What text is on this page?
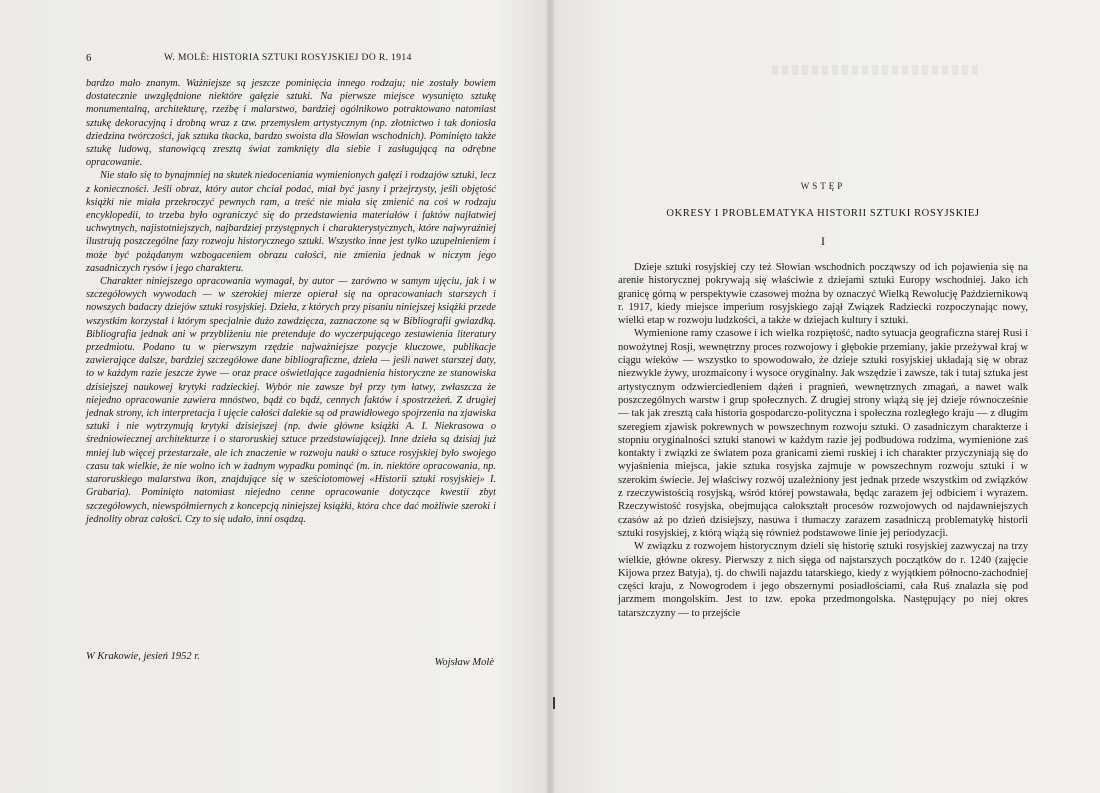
6	W. MOLÈ: HISTORIA SZTUKI ROSYJSKIEJ DO R. 1914

bardzo mało znanym. Ważniejsze są jeszcze pominięcia innego rodzaju; nie zostały bowiem dostatecznie uwzględnione niektóre gałęzie sztuki. Na pierwsze miejsce wysunięto sztukę monumentalną, architekturę, rzeźbę i malarstwo, bardziej ogólnikowo potraktowano natomiast sztukę dekoracyjną i drobną wraz z tzw. przemysłem artystycznym (np. złotnictwo i tak doniosła dziedzina twórczości, jak sztuka tkacka, bardzo swoista dla Słowian wschodnich). Pominięto także sztukę ludową, stanowiącą zresztą świat zamknięty dla siebie i zasługującą na odrębne opracowanie.

Nie stało się to bynajmniej na skutek niedoceniania wymienionych gałęzi i rodzajów sztuki, lecz z konieczności. Jeśli obraz, który autor chciał podać, miał być jasny i przejrzysty, jeśli objętość książki nie miała przekroczyć pewnych ram, a treść nie miała się zmienić na coś w rodzaju encyklopedii, to trzeba było ograniczyć się do przedstawienia materiałów i faktów najłatwiej uchwytnych, najistotniejszych, najbardziej przystępnych i charakterystycznych, które najwyraźniej ilustrują poszczególne fazy rozwoju historycznego sztuki. Wszystko inne jest tylko uzupełnieniem i może być pożądanym wzbogaceniem obrazu całości, nie zmienia jednak w niczym jego zasadniczych rysów i jego charakteru.

Charakter niniejszego opracowania wymagał, by autor — zarówno w samym ujęciu, jak i w szczegółowych wywodach — w szerokiej mierze opierał się na opracowaniach starszych i nowszych badaczy dziejów sztuki rosyjskiej. Dzieła, z których przy pisaniu niniejszej książki przede wszystkim korzystał i którym specjalnie dużo zawdzięcza, zaznaczone są w Bibliografii gwiazdką. Bibliografia jednak ani w przybliżeniu nie pretenduje do wyczerpującego zestawienia literatury przedmiotu. Podano tu w pierwszym rzędzie najważniejsze pozycje kluczowe, publikacje zawierające dalsze, bardziej szczegółowe dane bibliograficzne, dzieła — jeśli nawet starszej daty, to w każdym razie jeszcze żywe — oraz prace oświetlające zagadnienia historyczne ze stanowiska dzisiejszej naukowej krytyki radzieckiej. Wybór nie zawsze był przy tym łatwy, zwłaszcza że niejedno opracowanie zawiera mnóstwo, bądź co bądź, cennych faktów i spostrzeżeń. Z drugiej jednak strony, ich interpretacja i ujęcie całości dalekie są od prawidłowego spojrzenia na zjawiska sztuki i nie wytrzymują krytyki dzisiejszej (np. dwie główne książki A. I. Niekrasowa o średniowiecznej architekturze i o staroruskiej sztuce przedstawiającej). Inne dzieła są dzisiaj już mniej lub więcej przestarzałe, ale ich znaczenie w rozwoju nauki o sztuce rosyjskiej było swojego czasu tak wielkie, że nie wolno ich w żadnym wypadku pominąć (m. in. niektóre opracowania, np. staroruskiego malarstwa ikon, znajdujące się w sześciotomowej «Historii sztuki rosyjskiej» I. Grabaria). Pominięto natomiast niejedno cenne opracowanie dotyczące kwestii zbyt szczegółowych, niewspółmiernych z koncepcją niniejszej książki, która chce dać możliwie szeroki i jednolity obraz całości. Czy to się udało, inni osądzą.

W Krakowie, jesień 1952 r.
Wojsław Molè
WSTĘP
OKRESY I PROBLEMATYKA HISTORII SZTUKI ROSYJSKIEJ
I

Dzieje sztuki rosyjskiej czy też Słowian wschodnich począwszy od ich pojawienia się na arenie historycznej pokrywają się właściwie z dziejami sztuki Europy wschodniej. Jako ich granicę górną w perspektywie czasowej można by oznaczyć Wielką Rewolucję Październikową r. 1917, kiedy miejsce imperium rosyjskiego zajął Związek Radziecki rozpoczynając nowy, wielki etap w rozwoju ludzkości, a także w dziejach kultury i sztuki.

Wymienione ramy czasowe i ich wielka rozpiętość, nadto sytuacja geograficzna starej Rusi i nowożytnej Rosji, wewnętrzny proces rozwojowy i głębokie przemiany, jakie przeżywał kraj w ciągu wieków — wszystko to spowodowało, że dzieje sztuki rosyjskiej układają się w obraz niezwykle żywy, urozmaicony i wysoce oryginalny. Jak wszędzie i zawsze, tak i tutaj sztuka jest artystycznym odzwierciedleniem dążeń i pragnień, wewnętrznych zmagań, a nawet walk poszczególnych warstw i grup społecznych. Z drugiej strony wiążą się jej dzieje równocześnie — tak jak zresztą cała historia gospodarczo-polityczna i społeczna rozległego kraju — z długim szeregiem zjawisk pokrewnych w powszechnym rozwoju sztuki. O zasadniczym charakterze i stopniu oryginalności sztuki stanowi w każdym razie jej podbudowa rodzima, wymienione zaś kontakty i związki ze światem poza granicami ziemi ruskiej i ich charakter przyczyniają się do wyjaśnienia miejsca, jakie sztuka rosyjska zajmuje w powszechnym rozwoju sztuki i w szerokim świecie. Jej właściwy rozwój uzależniony jest jednak przede wszystkim od związków z rzeczywistością rosyjską, wśród której powstawała, będąc zarazem jej odbiciem i wyrazem. Rzeczywistość rosyjska, obejmująca całokształt procesów rozwojowych od najdawniejszych czasów aż po dzień dzisiejszy, nasuwa i tłumaczy zarazem zasadniczą problematykę historii sztuki rosyjskiej, z którą wiążą się również podstawowe linie jej periodyzacji.

W związku z rozwojem historycznym dzieli się historię sztuki rosyjskiej zazwyczaj na trzy wielkie, główne okresy. Pierwszy z nich sięga od najstarszych początków do r. 1240 (zajęcie Kijowa przez Batyja), tj. do chwili najazdu tatarskiego, kiedy z wyjątkiem północno-zachodniej części kraju, z Nowogrodem i jego obszernymi posiadłościami, cała Ruś znalazła się pod jarzmem mongolskim. Jest to tzw. epoka przedmongolska. Następujący po niej okres tatarszczyzny — to przejście
